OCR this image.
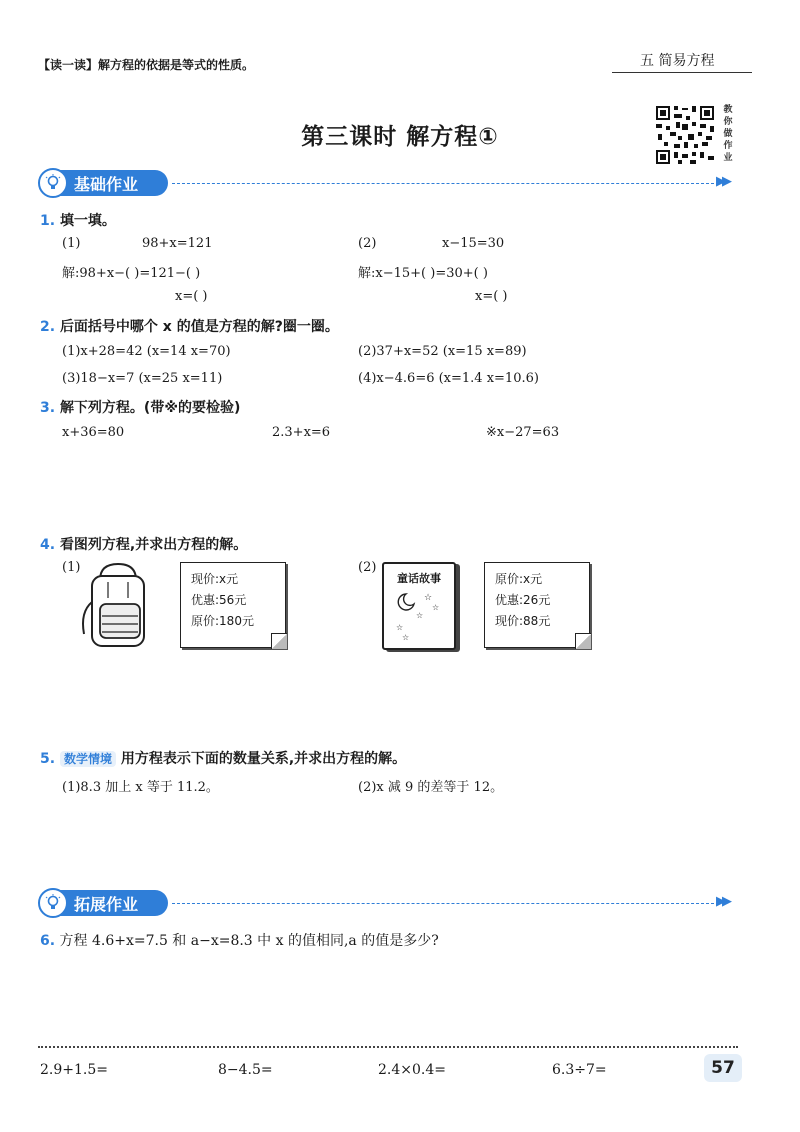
【读一读】解方程的依据是等式的性质。	五 简易方程
第三课时 解方程①
教你做作业
基础作业	▶▶
1. 填一填。
(1)	98+x=121
解:98+x−( )=121−( )
x=( )
(2)	x−15=30
解:x−15+( )=30+( )
x=( )
2. 后面括号中哪个 x 的值是方程的解?圈一圈。
(1)x+28=42 (x=14 x=70)	(2)37+x=52 (x=15 x=89)
(3)18−x=7 (x=25 x=11)	(4)x−4.6=6 (x=1.4 x=10.6)
3. 解下列方程。(带※的要检验)
x+36=80	2.3+x=6	※x−27=63
4. 看图列方程,并求出方程的解。
(1)
现价:x元
优惠:56元
原价:180元
(2)
童话故事
☆
☆
☆
☆
☆
原价:x元
优惠:26元
现价:88元
5. 数学情境 用方程表示下面的数量关系,并求出方程的解。
(1)8.3 加上 x 等于 11.2。	(2)x 减 9 的差等于 12。
拓展作业	▶▶
6. 方程 4.6+x=7.5 和 a−x=8.3 中 x 的值相同,a 的值是多少?
2.9+1.5=	8−4.5=	2.4×0.4=	6.3÷7=	57
